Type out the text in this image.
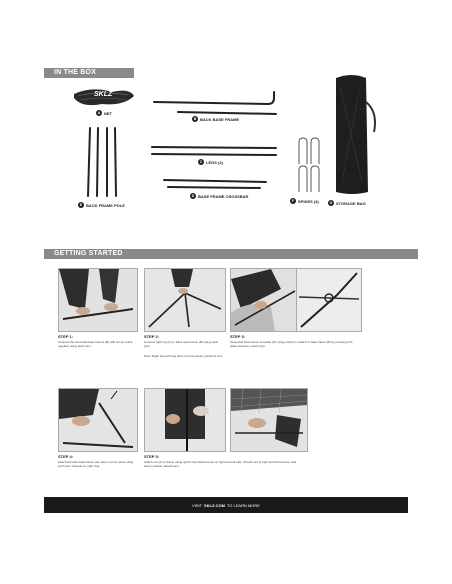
IN THE BOX
SKLZ
A NET
B BACK BASE FRAME
C LEGS (2)
D BASE FRAME CROSSBAR
E BACK FRAME POLE
F SPIKES (4)	G STORAGE BAG
GETTING STARTED
STEP 1:
Connect the two back base frames (B) with corner joints together using push pins.
STEP 2:
Connect right leg (C) to back base frame (B) using push pins.
Note: Right and left legs have red connection points at end.
STEP 3:
Assemble base frame crossbar (D) using push pin. Attach to base frame (B) by pressing into place between metal rings.
STEP 4:
Attach left side back frame pole (E) to corner joints using push pins. Repeat on right side.
STEP 5:
Attach net (A) to frame using Quick Clip attachments on right and left side. Stretch net to right and left corners, and loop to bottom attachment.
VISIT SKLZ.COM TO LEARN MORE
